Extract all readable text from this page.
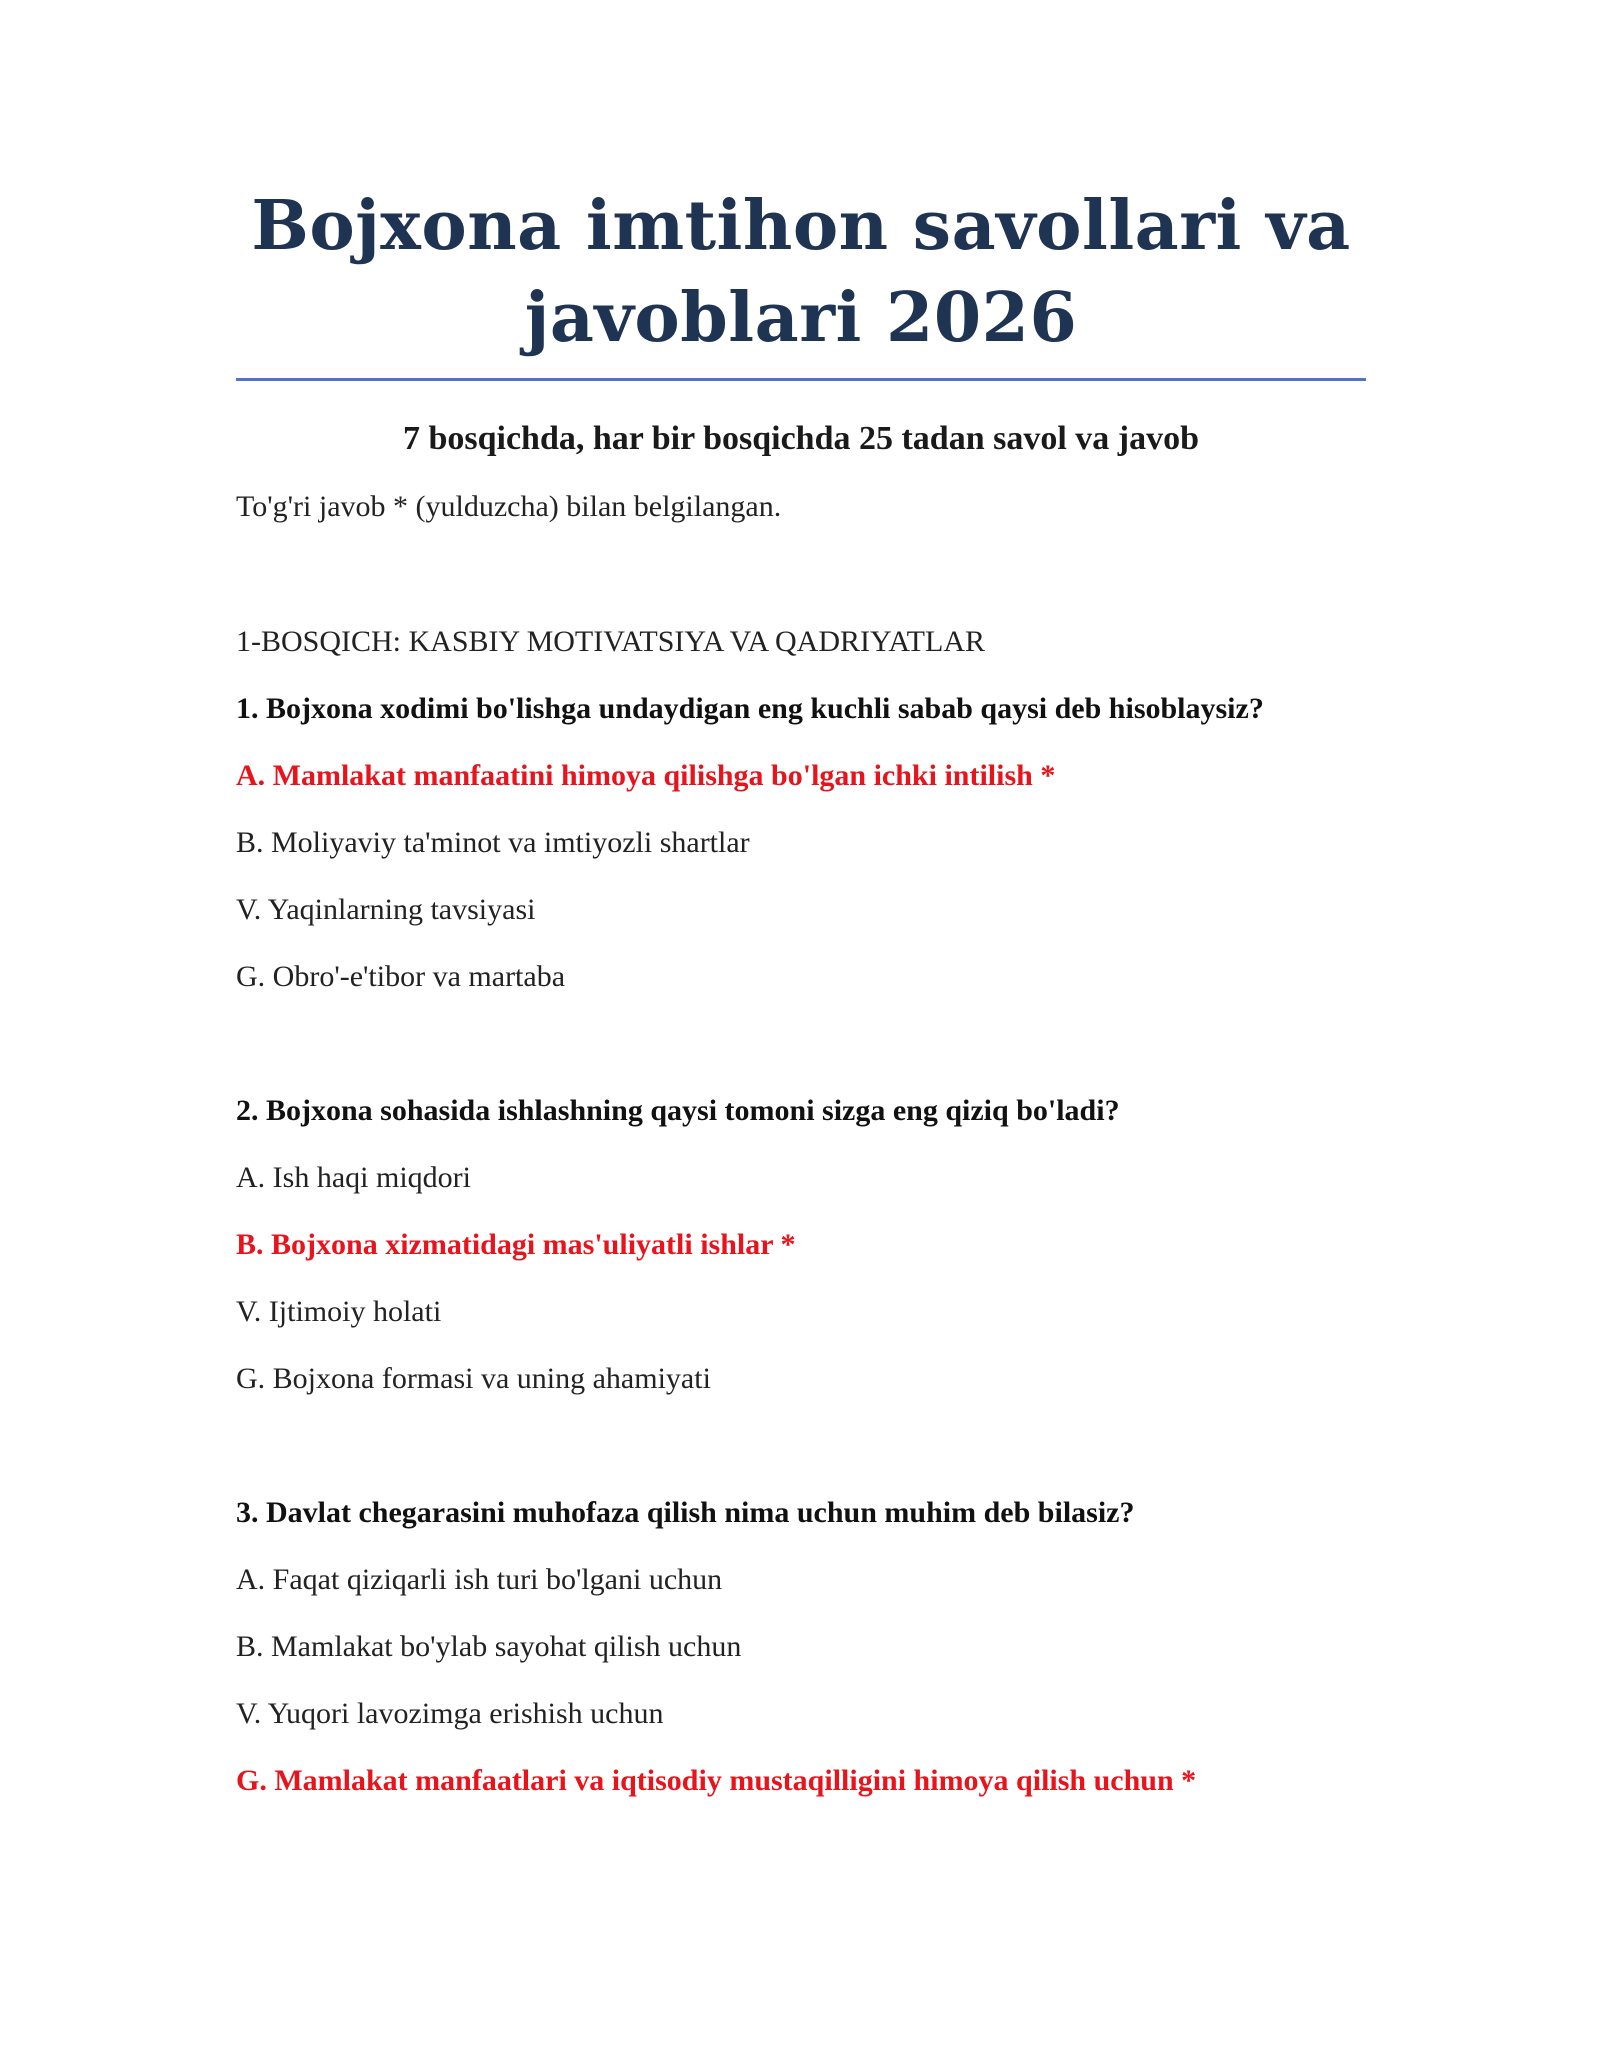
Bojxona imtihon savollari va javoblari 2026

7 bosqichda, har bir bosqichda 25 tadan savol va javob

To'g'ri javob * (yulduzcha) bilan belgilangan.

1-BOSQICH: KASBIY MOTIVATSIYA VA QADRIYATLAR

1. Bojxona xodimi bo'lishga undaydigan eng kuchli sabab qaysi deb hisoblaysiz?

A. Mamlakat manfaatini himoya qilishga bo'lgan ichki intilish *

B. Moliyaviy ta'minot va imtiyozli shartlar

V. Yaqinlarning tavsiyasi

G. Obro'-e'tibor va martaba

2. Bojxona sohasida ishlashning qaysi tomoni sizga eng qiziq bo'ladi?

A. Ish haqi miqdori

B. Bojxona xizmatidagi mas'uliyatli ishlar *

V. Ijtimoiy holati

G. Bojxona formasi va uning ahamiyati

3. Davlat chegarasini muhofaza qilish nima uchun muhim deb bilasiz?

A. Faqat qiziqarli ish turi bo'lgani uchun

B. Mamlakat bo'ylab sayohat qilish uchun

V. Yuqori lavozimga erishish uchun

G. Mamlakat manfaatlari va iqtisodiy mustaqilligini himoya qilish uchun *
